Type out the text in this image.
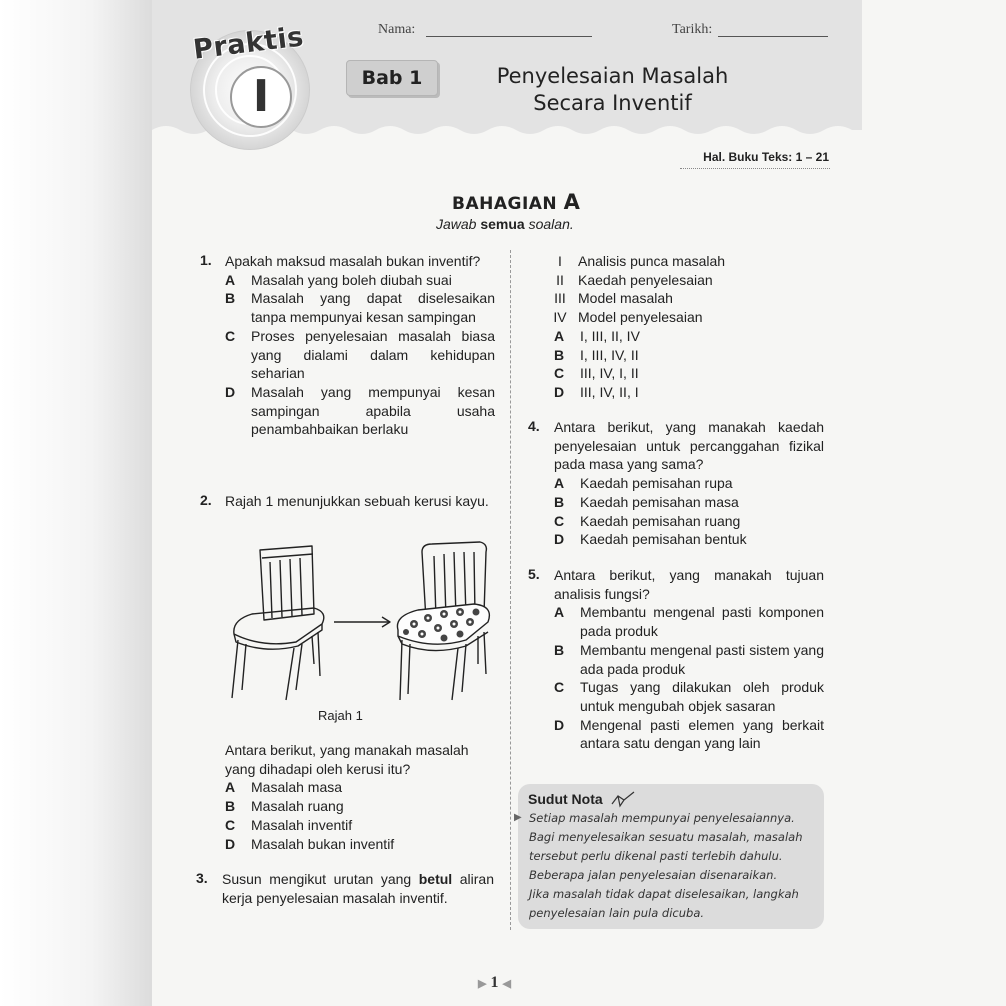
Praktis
I
Nama:	Tarikh:
Bab 1	Penyelesaian Masalah
Secara Inventif
Hal. Buku Teks: 1 – 21
BAHAGIAN A
Jawab semua soalan.
1. Apakah maksud masalah bukan inventif?
A	Masalah yang boleh diubah suai
B	Masalah yang dapat diselesaikan tanpa mempunyai kesan sampingan
C	Proses penyelesaian masalah biasa yang dialami dalam kehidupan seharian
D	Masalah yang mempunyai kesan sampingan apabila usaha penambahbaikan berlaku
2. Rajah 1 menunjukkan sebuah kerusi kayu.
Rajah 1
Antara berikut, yang manakah masalah yang dihadapi oleh kerusi itu?
A	Masalah masa
B	Masalah ruang
C	Masalah inventif
D	Masalah bukan inventif
3. Susun mengikut urutan yang betul aliran kerja penyelesaian masalah inventif.
I	Analisis punca masalah
II	Kaedah penyelesaian
III Model masalah
IV Model penyelesaian
A	I, III, II, IV
B	I, III, IV, II
C	III, IV, I, II
D	III, IV, II, I
4. Antara berikut, yang manakah kaedah penyelesaian untuk percanggahan fizikal pada masa yang sama?
A	Kaedah pemisahan rupa
B	Kaedah pemisahan masa
C	Kaedah pemisahan ruang
D	Kaedah pemisahan bentuk
5. Antara berikut, yang manakah tujuan analisis fungsi?
A	Membantu mengenal pasti komponen pada produk
B	Membantu mengenal pasti sistem yang ada pada produk
C	Tugas yang dilakukan oleh produk untuk mengubah objek sasaran
D	Mengenal pasti elemen yang berkait antara satu dengan yang lain
Sudut Nota
▶ Setiap masalah mempunyai penyelesaiannya.
Bagi menyelesaikan sesuatu masalah, masalah
tersebut perlu dikenal pasti terlebih dahulu.
Beberapa jalan penyelesaian disenaraikan.
Jika masalah tidak dapat diselesaikan, langkah
penyelesaian lain pula dicuba.
▶ 1 ◀
